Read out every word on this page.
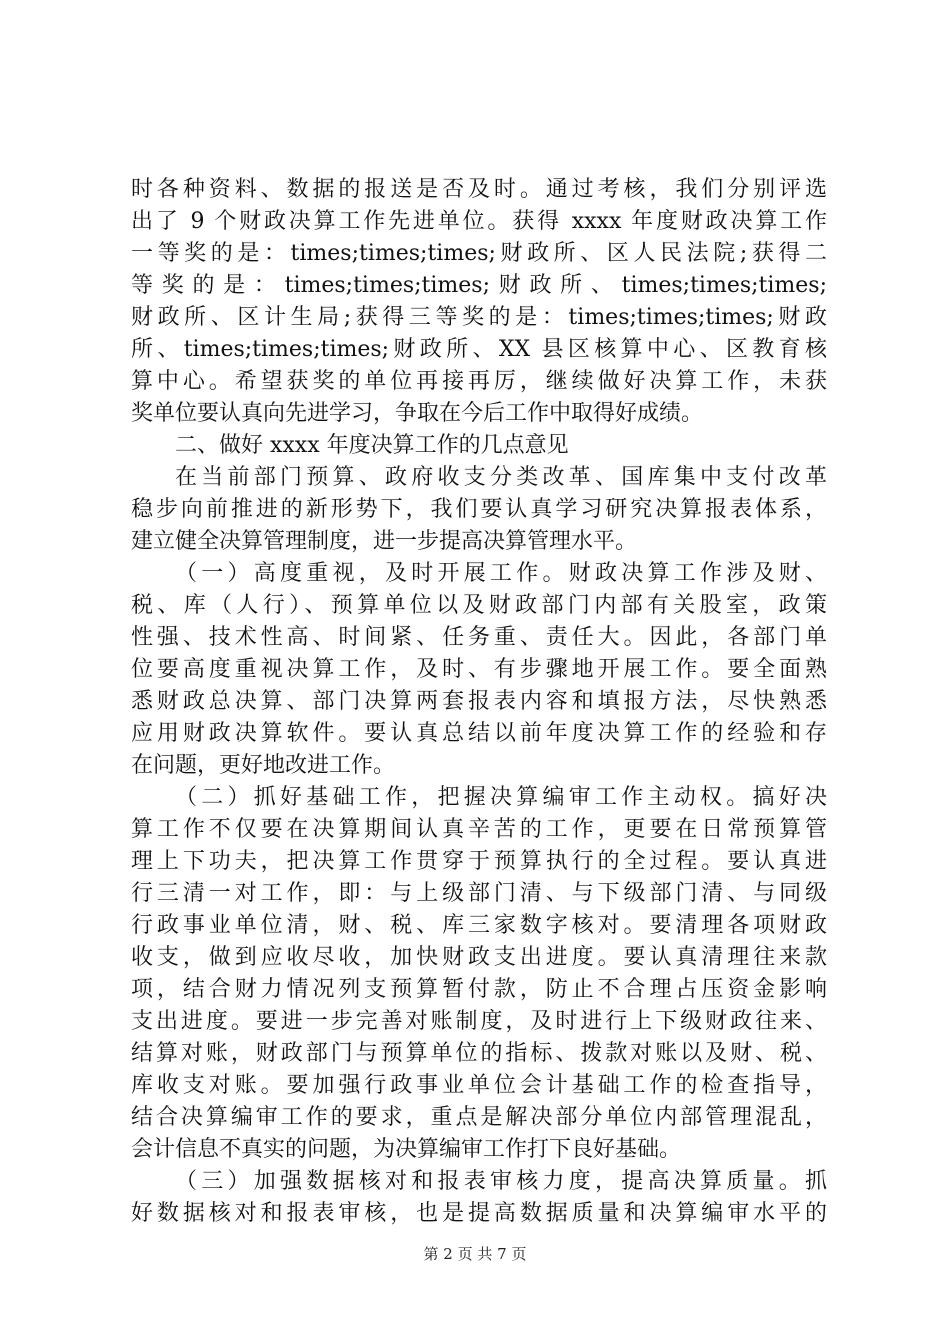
时各种资料、数据的报送是否及时。通过考核，我们分别评选
出了 9 个财政决算工作先进单位。获得 xxxx 年度财政决算工作
一等奖的是：times;times;times;财政所、区人民法院;获得二
等奖的是：times;times;times;财政所、times;times;times;
财政所、区计生局;获得三等奖的是：times;times;times;财政
所、times;times;times;财政所、XX 县区核算中心、区教育核
算中心。希望获奖的单位再接再厉，继续做好决算工作，未获
奖单位要认真向先进学习，争取在今后工作中取得好成绩。
二、做好 xxxx 年度决算工作的几点意见
在当前部门预算、政府收支分类改革、国库集中支付改革
稳步向前推进的新形势下，我们要认真学习研究决算报表体系，
建立健全决算管理制度，进一步提高决算管理水平。
（一）高度重视，及时开展工作。财政决算工作涉及财、
税、库（人行）、预算单位以及财政部门内部有关股室，政策
性强、技术性高、时间紧、任务重、责任大。因此，各部门单
位要高度重视决算工作，及时、有步骤地开展工作。要全面熟
悉财政总决算、部门决算两套报表内容和填报方法，尽快熟悉
应用财政决算软件。要认真总结以前年度决算工作的经验和存
在问题，更好地改进工作。
（二）抓好基础工作，把握决算编审工作主动权。搞好决
算工作不仅要在决算期间认真辛苦的工作，更要在日常预算管
理上下功夫，把决算工作贯穿于预算执行的全过程。要认真进
行三清一对工作，即：与上级部门清、与下级部门清、与同级
行政事业单位清，财、税、库三家数字核对。要清理各项财政
收支，做到应收尽收，加快财政支出进度。要认真清理往来款
项，结合财力情况列支预算暂付款，防止不合理占压资金影响
支出进度。要进一步完善对账制度，及时进行上下级财政往来、
结算对账，财政部门与预算单位的指标、拨款对账以及财、税、
库收支对账。要加强行政事业单位会计基础工作的检查指导，
结合决算编审工作的要求，重点是解决部分单位内部管理混乱，
会计信息不真实的问题，为决算编审工作打下良好基础。
（三）加强数据核对和报表审核力度，提高决算质量。抓
好数据核对和报表审核，也是提高数据质量和决算编审水平的
第 2 页 共 7 页
